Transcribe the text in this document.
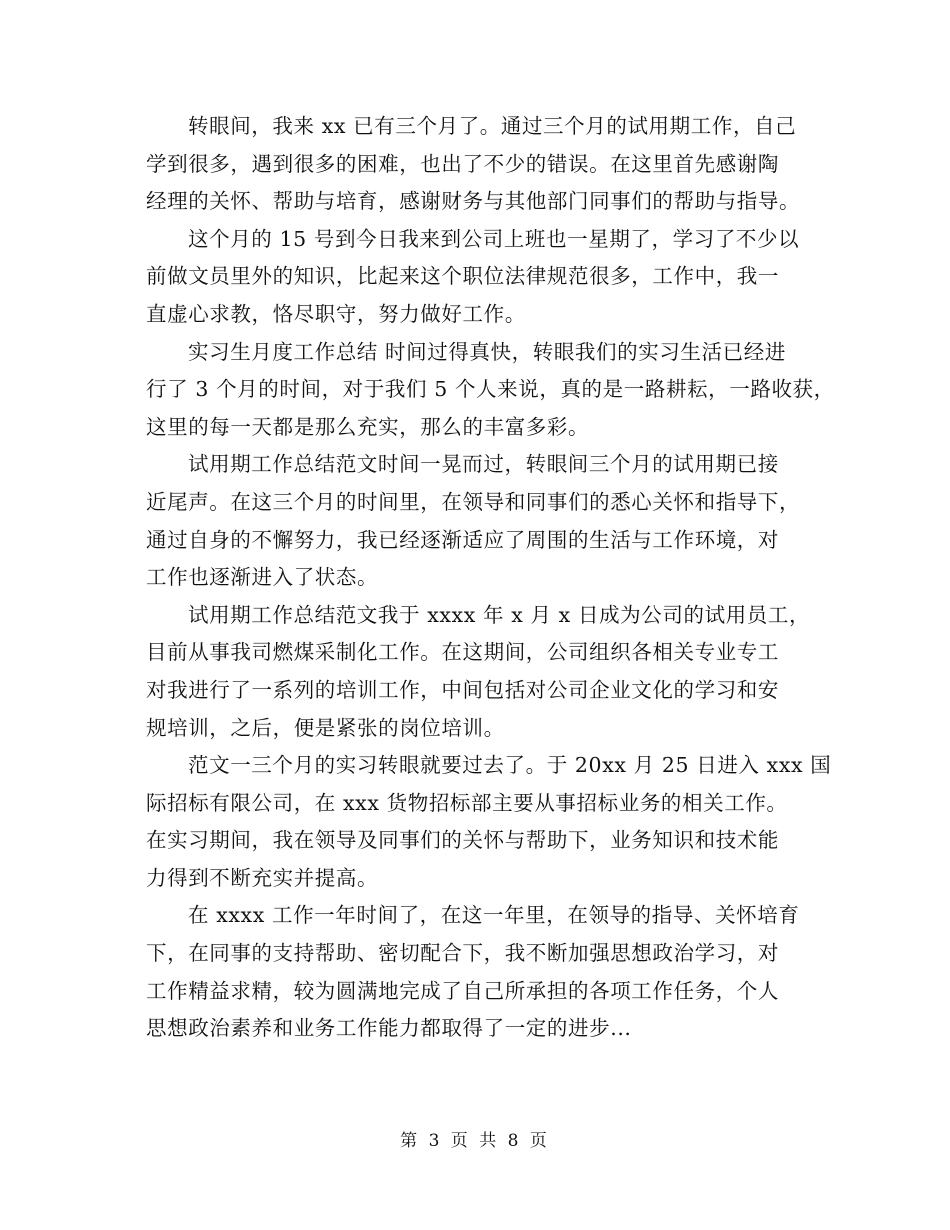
转眼间，我来 xx 已有三个月了。通过三个月的试用期工作，自己
学到很多，遇到很多的困难，也出了不少的错误。在这里首先感谢陶
经理的关怀、帮助与培育，感谢财务与其他部门同事们的帮助与指导。
这个月的 15 号到今日我来到公司上班也一星期了，学习了不少以
前做文员里外的知识，比起来这个职位法律规范很多，工作中，我一
直虚心求教，恪尽职守，努力做好工作。
实习生月度工作总结 时间过得真快，转眼我们的实习生活已经进
行了 3 个月的时间，对于我们 5 个人来说，真的是一路耕耘，一路收获，
这里的每一天都是那么充实，那么的丰富多彩。
试用期工作总结范文时间一晃而过，转眼间三个月的试用期已接
近尾声。在这三个月的时间里，在领导和同事们的悉心关怀和指导下，
通过自身的不懈努力，我已经逐渐适应了周围的生活与工作环境，对
工作也逐渐进入了状态。
试用期工作总结范文我于 xxxx 年 x 月 x 日成为公司的试用员工，
目前从事我司燃煤采制化工作。在这期间，公司组织各相关专业专工
对我进行了一系列的培训工作，中间包括对公司企业文化的学习和安
规培训，之后，便是紧张的岗位培训。
范文一三个月的实习转眼就要过去了。于 20xx 月 25 日进入 xxx 国
际招标有限公司，在 xxx 货物招标部主要从事招标业务的相关工作。
在实习期间，我在领导及同事们的关怀与帮助下，业务知识和技术能
力得到不断充实并提高。
在 xxxx 工作一年时间了，在这一年里，在领导的指导、关怀培育
下，在同事的支持帮助、密切配合下，我不断加强思想政治学习，对
工作精益求精，较为圆满地完成了自己所承担的各项工作任务，个人
思想政治素养和业务工作能力都取得了一定的进步...
第 3 页 共 8 页
